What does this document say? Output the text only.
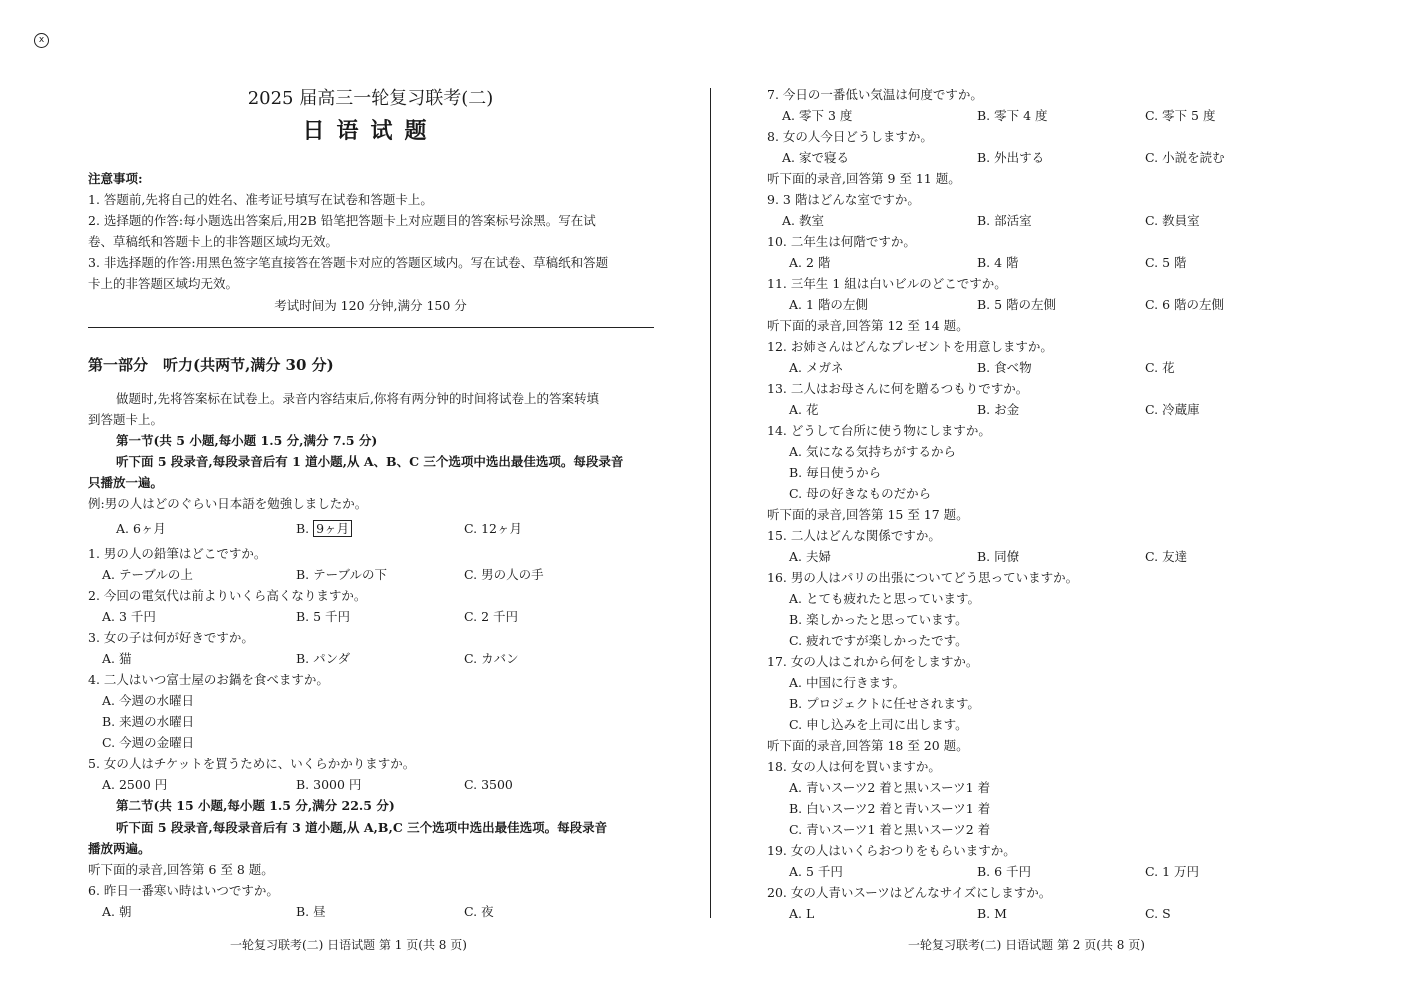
x
2025 届高三一轮复习联考(二)
日语试题
注意事项:
1. 答题前,先将自己的姓名、准考证号填写在试卷和答题卡上。
2. 选择题的作答:每小题选出答案后,用2B 铅笔把答题卡上对应题目的答案标号涂黑。写在试
卷、草稿纸和答题卡上的非答题区域均无效。
3. 非选择题的作答:用黑色签字笔直接答在答题卡对应的答题区域内。写在试卷、草稿纸和答题
卡上的非答题区域均无效。
考试时间为 120 分钟,满分 150 分
第一部分　听力(共两节,满分 30 分)
做题时,先将答案标在试卷上。录音内容结束后,你将有两分钟的时间将试卷上的答案转填
到答题卡上。
第一节(共 5 小题,每小题 1.5 分,满分 7.5 分)
听下面 5 段录音,每段录音后有 1 道小题,从 A、B、C 三个选项中选出最佳选项。每段录音
只播放一遍。
例:男の人はどのぐらい日本語を勉強しましたか。
A. 6ヶ月	B. 9ヶ月	C. 12ヶ月
1. 男の人の鉛筆はどこですか。
A. テーブルの上	B. テーブルの下	C. 男の人の手
2. 今回の電気代は前よりいくら高くなりますか。
A. 3 千円	B. 5 千円	C. 2 千円
3. 女の子は何が好きですか。
A. 猫	B. パンダ	C. カバン
4. 二人はいつ富士屋のお鍋を食べますか。
A. 今週の水曜日
B. 来週の水曜日
C. 今週の金曜日
5. 女の人はチケットを買うために、いくらかかりますか。
A. 2500 円	B. 3000 円	C. 3500
第二节(共 15 小题,每小题 1.5 分,满分 22.5 分)
听下面 5 段录音,每段录音后有 3 道小题,从 A,B,C 三个选项中选出最佳选项。每段录音
播放两遍。
听下面的录音,回答第 6 至 8 题。
6. 昨日一番寒い時はいつですか。
A. 朝	B. 昼	C. 夜
一轮复习联考(二) 日语试题 第 1 页(共 8 页)
7. 今日の一番低い気温は何度ですか。
A. 零下 3 度	B. 零下 4 度	C. 零下 5 度
8. 女の人今日どうしますか。
A. 家で寝る	B. 外出する	C. 小説を読む
听下面的录音,回答第 9 至 11 题。
9. 3 階はどんな室ですか。
A. 教室	B. 部活室	C. 教員室
10. 二年生は何階ですか。
A. 2 階	B. 4 階	C. 5 階
11. 三年生 1 組は白いビルのどこですか。
A. 1 階の左側	B. 5 階の左側	C. 6 階の左側
听下面的录音,回答第 12 至 14 题。
12. お姉さんはどんなプレゼントを用意しますか。
A. メガネ	B. 食べ物	C. 花
13. 二人はお母さんに何を贈るつもりですか。
A. 花	B. お金	C. 冷蔵庫
14. どうして台所に使う物にしますか。
A. 気になる気持ちがするから
B. 毎日使うから
C. 母の好きなものだから
听下面的录音,回答第 15 至 17 题。
15. 二人はどんな関係ですか。
A. 夫婦	B. 同僚	C. 友達
16. 男の人はパリの出張についてどう思っていますか。
A. とても疲れたと思っています。
B. 楽しかったと思っています。
C. 疲れですが楽しかったです。
17. 女の人はこれから何をしますか。
A. 中国に行きます。
B. プロジェクトに任せされます。
C. 申し込みを上司に出します。
听下面的录音,回答第 18 至 20 题。
18. 女の人は何を買いますか。
A. 青いスーツ2 着と黒いスーツ1 着
B. 白いスーツ2 着と青いスーツ1 着
C. 青いスーツ1 着と黒いスーツ2 着
19. 女の人はいくらおつりをもらいますか。
A. 5 千円	B. 6 千円	C. 1 万円
20. 女の人青いスーツはどんなサイズにしますか。
A. L	B. M	C. S
一轮复习联考(二) 日语试题 第 2 页(共 8 页)
